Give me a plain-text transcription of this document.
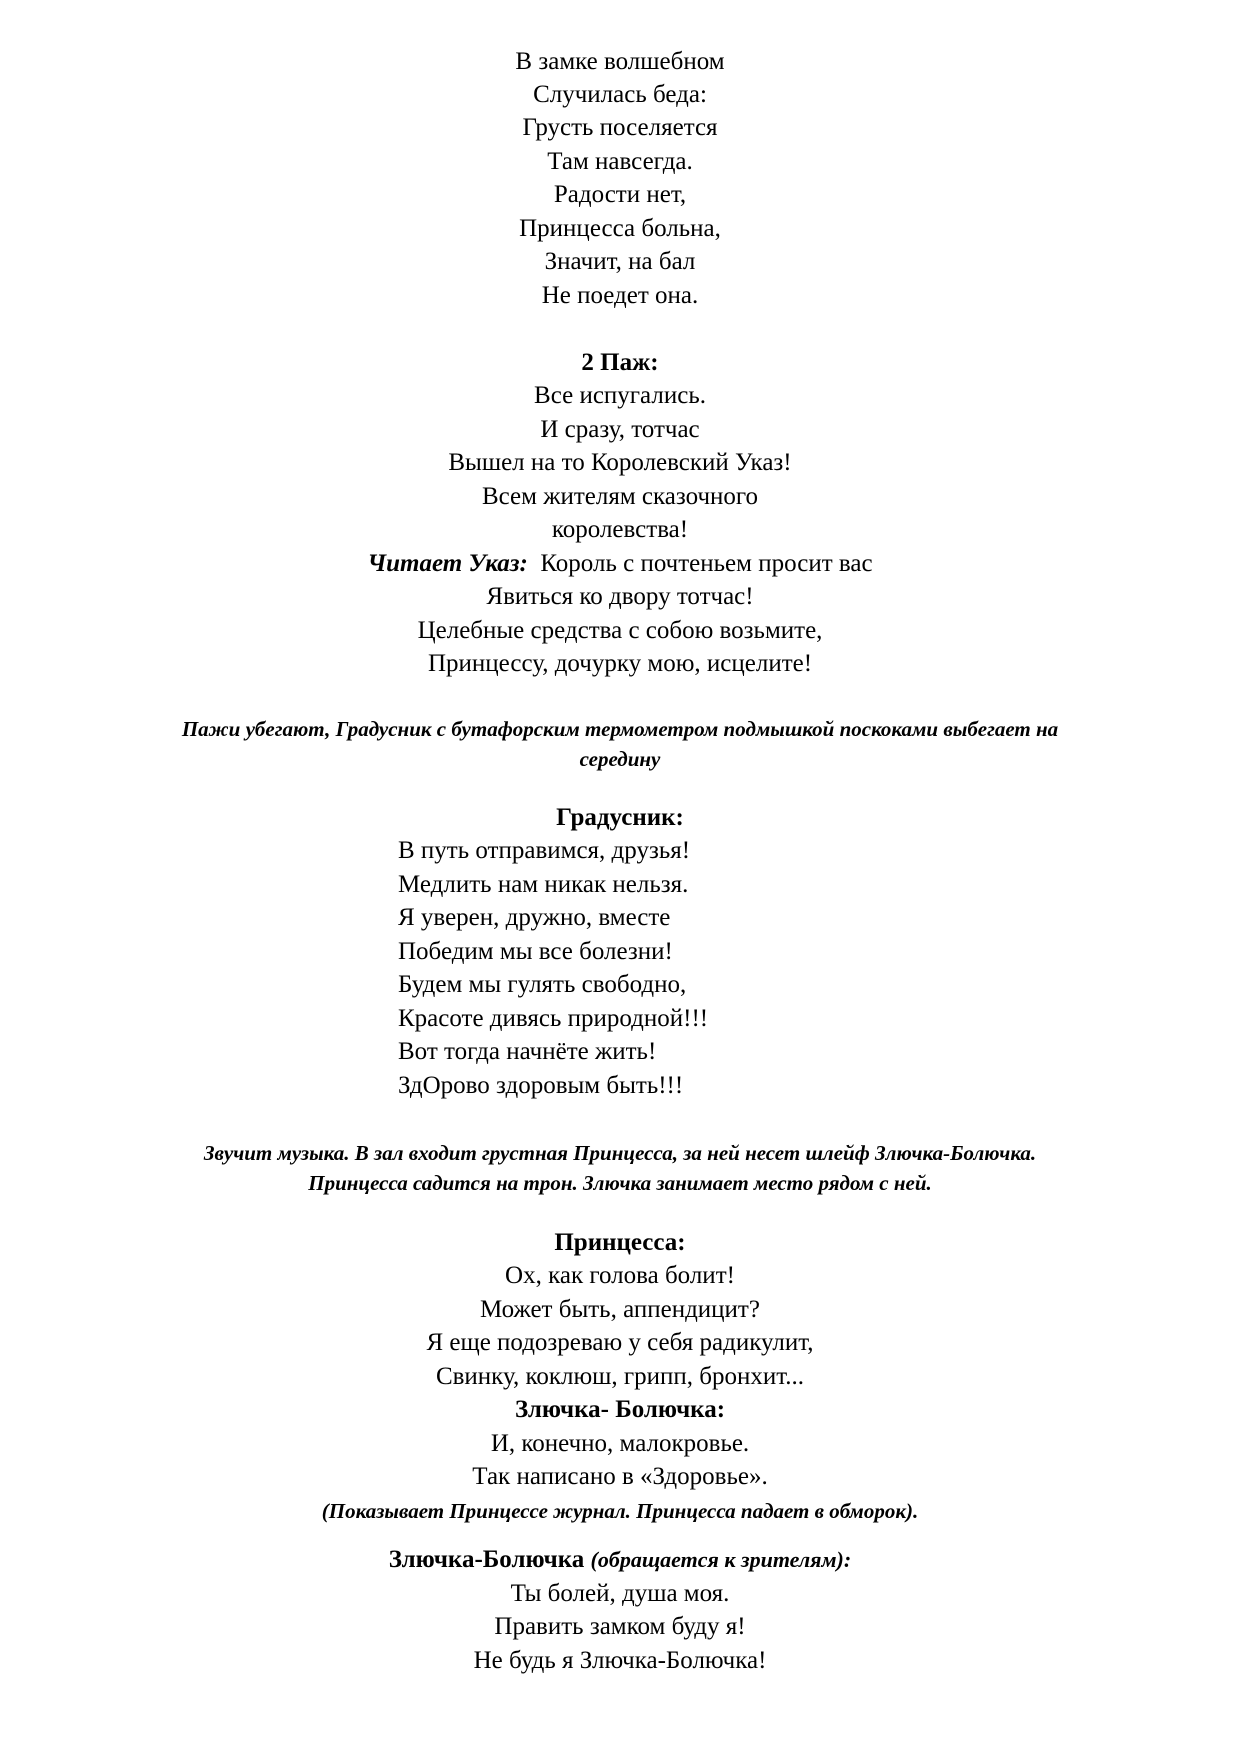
В замке волшебном
Случилась беда:
Грусть поселяется
Там навсегда.
Радости нет,
Принцесса больна,
Значит, на бал
Не поедет она.
2 Паж:
Все испугались.
И сразу, тотчас
Вышел на то Королевский Указ!
Всем жителям сказочного
королевства!
Читает Указ: Король с почтеньем просит вас
Явиться ко двору тотчас!
Целебные средства с собою возьмите,
Принцессу, дочурку мою, исцелите!
Пажи убегают, Градусник с бутафорским термометром подмышкой поскоками выбегает на
середину
Градусник:
В путь отправимся, друзья!
Медлить нам никак нельзя.
Я уверен, дружно, вместе
Победим мы все болезни!
Будем мы гулять свободно,
Красоте дивясь природной!!!
Вот тогда начнёте жить!
ЗдОрово здоровым быть!!!
Звучит музыка. В зал входит грустная Принцесса, за ней несет шлейф Злючка-Болючка.
Принцесса садится на трон. Злючка занимает место рядом с ней.
Принцесса:
Ох, как голова болит!
Может быть, аппендицит?
Я еще подозреваю у себя радикулит,
Свинку, коклюш, грипп, бронхит...
Злючка- Болючка:
И, конечно, малокровье.
Так написано в «Здоровье».
(Показывает Принцессе журнал. Принцесса падает в обморок).
Злючка-Болючка (обращается к зрителям):
Ты болей, душа моя.
Править замком буду я!
Не будь я Злючка-Болючка!
